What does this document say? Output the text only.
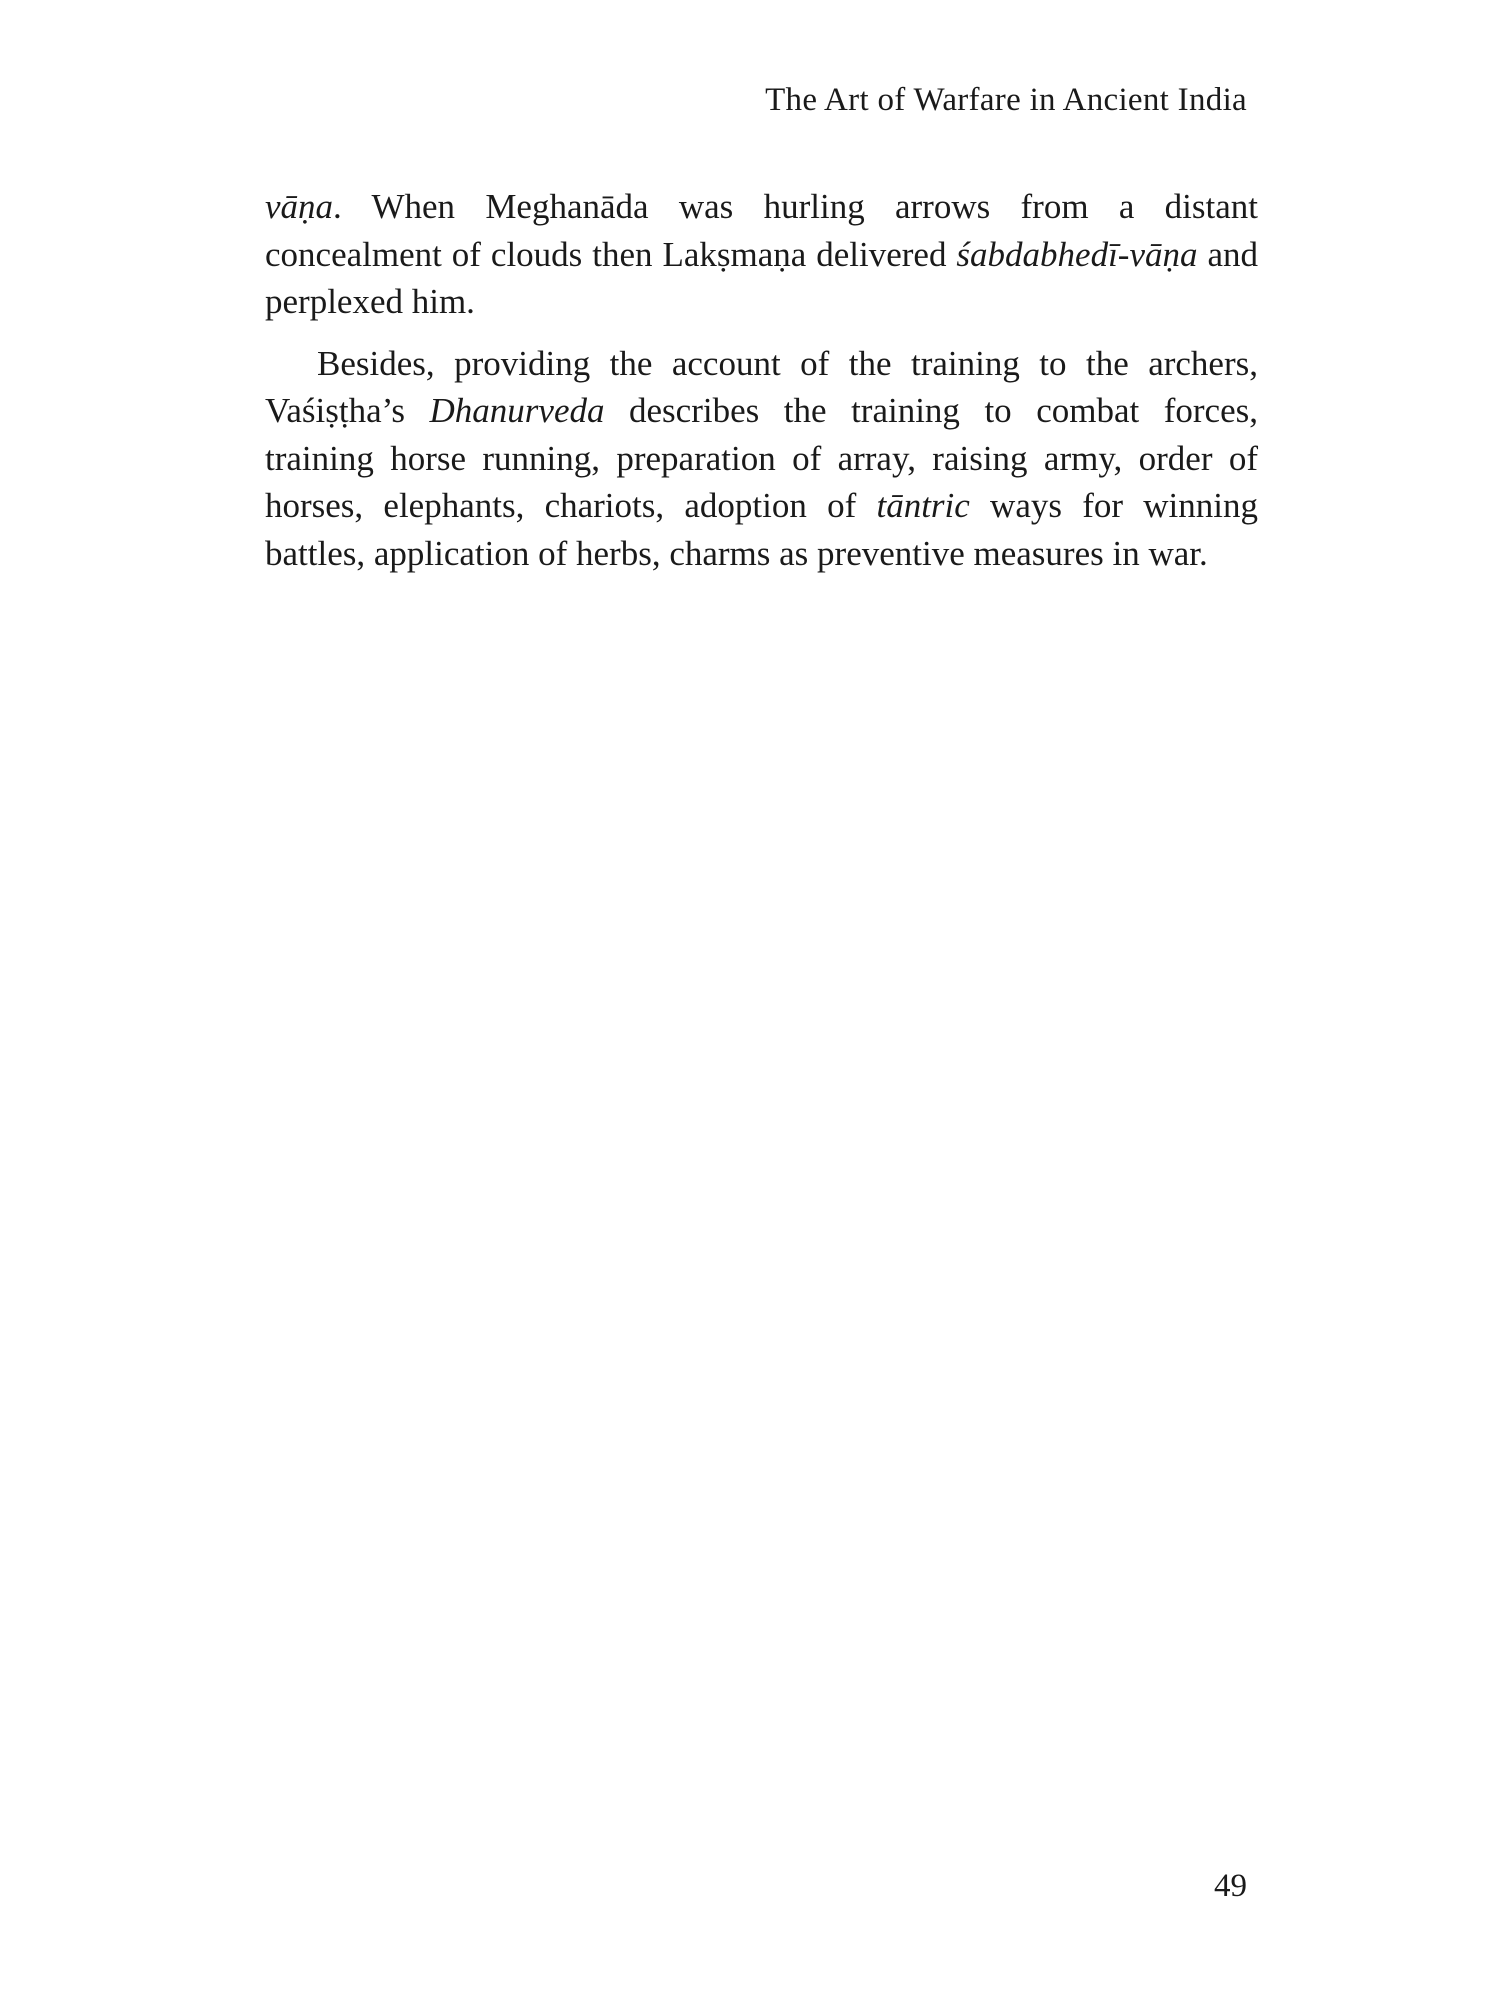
The Art of Warfare in Ancient India

vāṇa. When Meghanāda was hurling arrows from a distant concealment of clouds then Lakṣmaṇa delivered śabdabhedī-vāṇa and perplexed him.

Besides, providing the account of the training to the archers, Vaśiṣṭha’s Dhanurveda describes the training to combat forces, training horse running, preparation of array, raising army, order of horses, elephants, chariots, adoption of tāntric ways for winning battles, application of herbs, charms as preventive measures in war.

49
